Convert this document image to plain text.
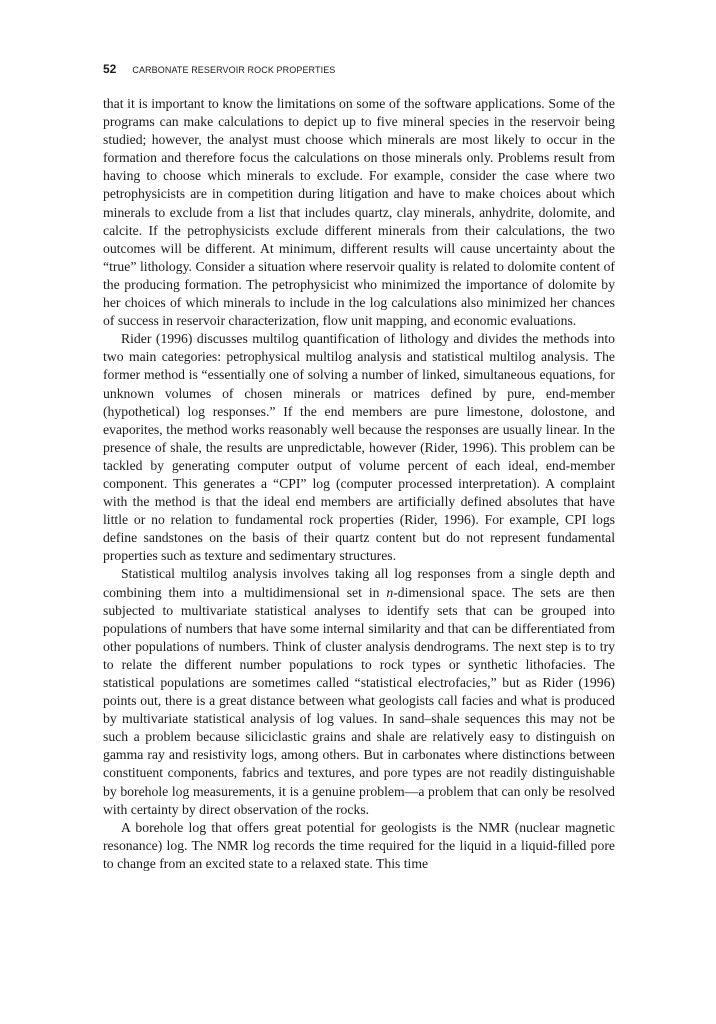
52 CARBONATE RESERVOIR ROCK PROPERTIES

that it is important to know the limitations on some of the software applications. Some of the programs can make calculations to depict up to five mineral species in the reservoir being studied; however, the analyst must choose which minerals are most likely to occur in the formation and therefore focus the calculations on those minerals only. Problems result from having to choose which minerals to exclude. For example, consider the case where two petrophysicists are in competition during litigation and have to make choices about which minerals to exclude from a list that includes quartz, clay minerals, anhydrite, dolomite, and calcite. If the petrophysicists exclude different minerals from their calculations, the two outcomes will be different. At minimum, different results will cause uncertainty about the “true” lithology. Consider a situation where reservoir quality is related to dolomite content of the producing formation. The petrophysicist who minimized the importance of dolomite by her choices of which minerals to include in the log calculations also minimized her chances of success in reservoir characterization, flow unit mapping, and economic evaluations.

Rider (1996) discusses multilog quantification of lithology and divides the methods into two main categories: petrophysical multilog analysis and statistical multilog analysis. The former method is “essentially one of solving a number of linked, simultaneous equations, for unknown volumes of chosen minerals or matrices defined by pure, end-member (hypothetical) log responses.” If the end members are pure limestone, dolostone, and evaporites, the method works reasonably well because the responses are usually linear. In the presence of shale, the results are unpredictable, however (Rider, 1996). This problem can be tackled by generating computer output of volume percent of each ideal, end-member component. This generates a “CPI” log (computer processed interpretation). A complaint with the method is that the ideal end members are artificially defined absolutes that have little or no relation to fundamental rock properties (Rider, 1996). For example, CPI logs define sandstones on the basis of their quartz content but do not represent fundamental properties such as texture and sedimentary structures.

Statistical multilog analysis involves taking all log responses from a single depth and combining them into a multidimensional set in n-dimensional space. The sets are then subjected to multivariate statistical analyses to identify sets that can be grouped into populations of numbers that have some internal similarity and that can be differentiated from other populations of numbers. Think of cluster analysis dendrograms. The next step is to try to relate the different number populations to rock types or synthetic lithofacies. The statistical populations are sometimes called “statistical electrofacies,” but as Rider (1996) points out, there is a great distance between what geologists call facies and what is produced by multivariate statistical analysis of log values. In sand–shale sequences this may not be such a problem because siliciclastic grains and shale are relatively easy to distinguish on gamma ray and resistivity logs, among others. But in carbonates where distinctions between constituent components, fabrics and textures, and pore types are not readily distinguishable by borehole log measurements, it is a genuine problem—a problem that can only be resolved with certainty by direct observation of the rocks.

A borehole log that offers great potential for geologists is the NMR (nuclear magnetic resonance) log. The NMR log records the time required for the liquid in a liquid-filled pore to change from an excited state to a relaxed state. This time
